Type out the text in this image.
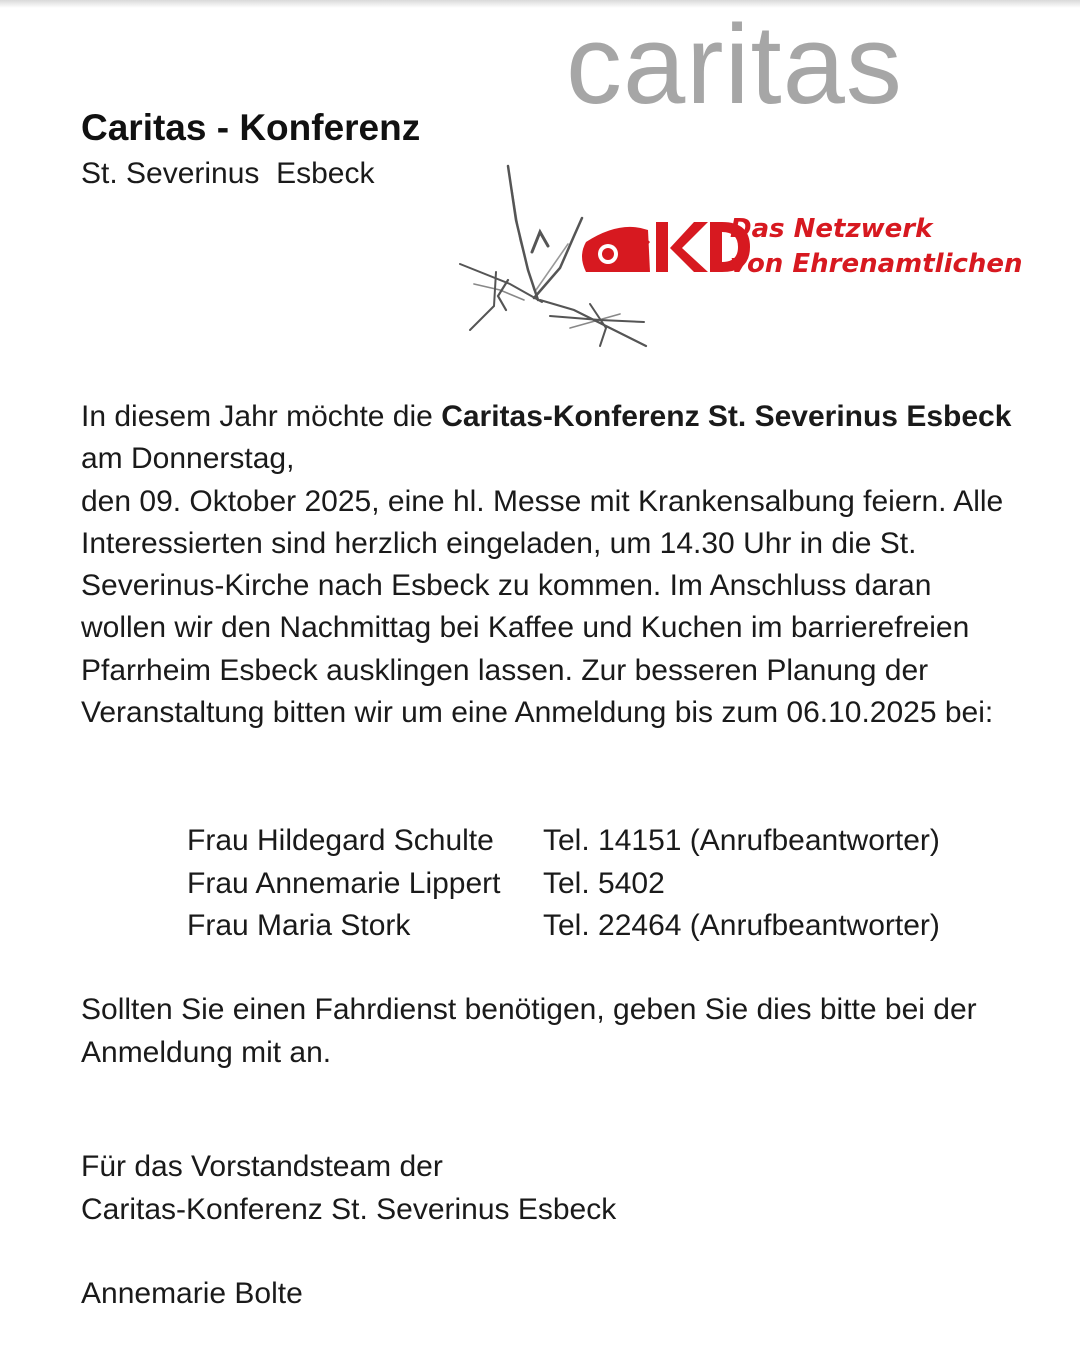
caritas
Caritas - Konferenz
St. Severinus  Esbeck
Das Netzwerk
von Ehrenamtlichen

In diesem Jahr möchte die Caritas-Konferenz St. Severinus Esbeck am Donnerstag,

den 09. Oktober 2025, eine hl. Messe mit Krankensalbung feiern. Alle Interessierten sind herzlich eingeladen, um 14.30 Uhr in die St. Severinus-Kirche nach Esbeck zu kommen. Im Anschluss daran wollen wir den Nachmittag bei Kaffee und Kuchen im barrierefreien Pfarrheim Esbeck ausklingen lassen. Zur besseren Planung der Veranstaltung bitten wir um eine Anmeldung bis zum 06.10.2025 bei:

Frau Hildegard Schulte	Tel. 14151 (Anrufbeantworter)
Frau Annemarie Lippert	Tel. 5402
Frau Maria Stork	Tel. 22464 (Anrufbeantworter)
Sollten Sie einen Fahrdienst benötigen, geben Sie dies bitte bei der Anmeldung mit an.
Für das Vorstandsteam der
Caritas-Konferenz St. Severinus Esbeck
Annemarie Bolte
